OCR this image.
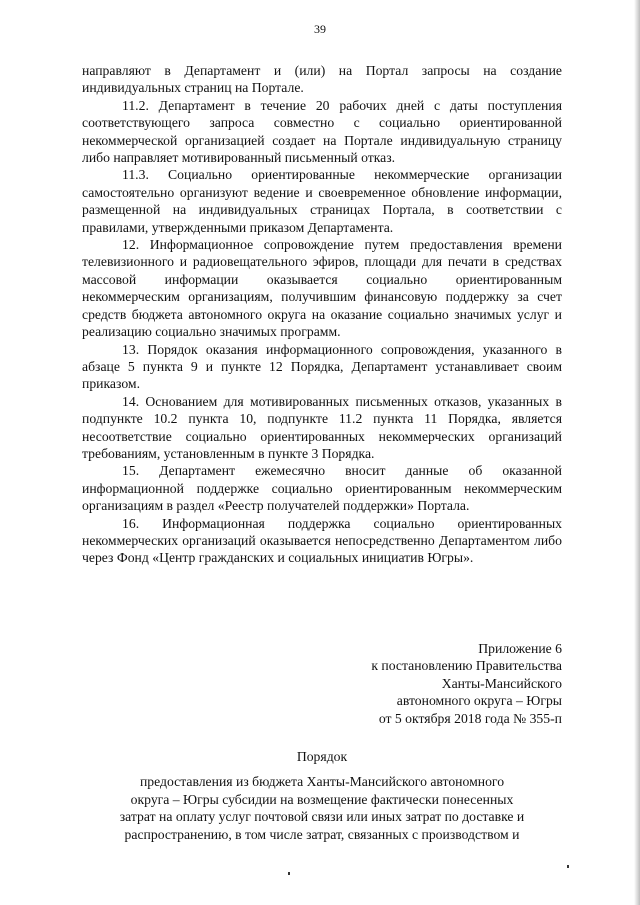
39

направляют в Департамент и (или) на Портал запросы на создание индивидуальных страниц на Портале.

11.2. Департамент в течение 20 рабочих дней с даты поступления соответствующего запроса совместно с социально ориентированной некоммерческой организацией создает на Портале индивидуальную страницу либо направляет мотивированный письменный отказ.

11.3. Социально ориентированные некоммерческие организации самостоятельно организуют ведение и своевременное обновление информации, размещенной на индивидуальных страницах Портала, в соответствии с правилами, утвержденными приказом Департамента.

12. Информационное сопровождение путем предоставления времени телевизионного и радиовещательного эфиров, площади для печати в средствах массовой информации оказывается социально ориентированным некоммерческим организациям, получившим финансовую поддержку за счет средств бюджета автономного округа на оказание социально значимых услуг и реализацию социально значимых программ.

13. Порядок оказания информационного сопровождения, указанного в абзаце 5 пункта 9 и пункте 12 Порядка, Департамент устанавливает своим приказом.

14. Основанием для мотивированных письменных отказов, указанных в подпункте 10.2 пункта 10, подпункте 11.2 пункта 11 Порядка, является несоответствие социально ориентированных некоммерческих организаций требованиям, установленным в пункте 3 Порядка.

15. Департамент ежемесячно вносит данные об оказанной информационной поддержке социально ориентированным некоммерческим организациям в раздел «Реестр получателей поддержки» Портала.

16. Информационная поддержка социально ориентированных некоммерческих организаций оказывается непосредственно Департаментом либо через Фонд «Центр гражданских и социальных инициатив Югры».

Приложение 6
к постановлению Правительства
Ханты-Мансийского
автономного округа – Югры
от 5 октября 2018 года № 355-п
Порядок
предоставления из бюджета Ханты-Мансийского автономного
округа – Югры субсидии на возмещение фактически понесенных
затрат на оплату услуг почтовой связи или иных затрат по доставке и
распространению, в том числе затрат, связанных с производством и
